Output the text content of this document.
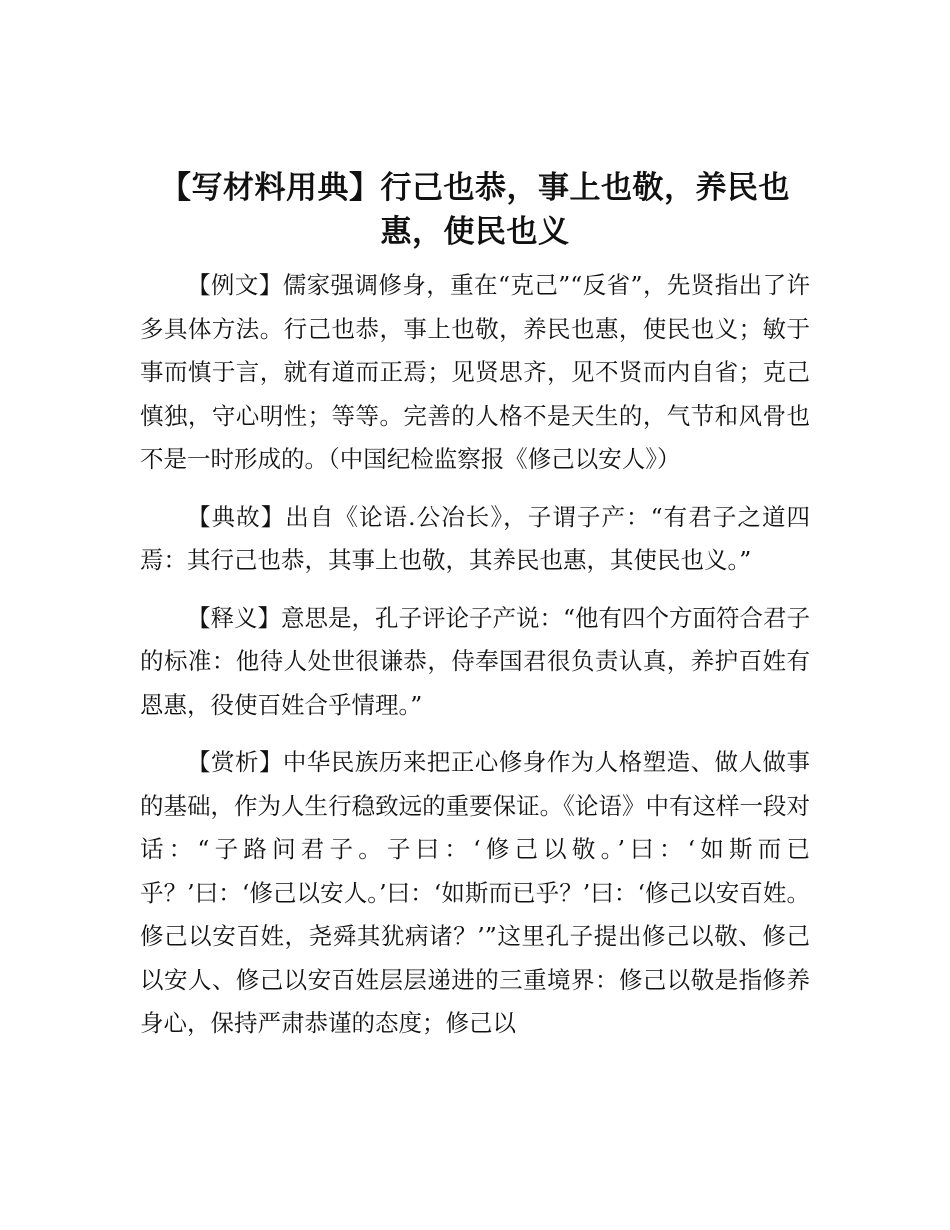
【写材料用典】行己也恭，事上也敬，养民也惠，使民也义

【例文】儒家强调修身，重在“克己”“反省”，先贤指出了许多具体方法。行己也恭，事上也敬，养民也惠，使民也义；敏于事而慎于言，就有道而正焉；见贤思齐，见不贤而内自省；克己慎独，守心明性；等等。完善的人格不是天生的，气节和风骨也不是一时形成的。（中国纪检监察报《修己以安人》）

【典故】出自《论语.公冶长》，子谓子产：“有君子之道四焉：其行己也恭，其事上也敬，其养民也惠，其使民也义。”

【释义】意思是，孔子评论子产说：“他有四个方面符合君子的标准：他待人处世很谦恭，侍奉国君很负责认真，养护百姓有恩惠，役使百姓合乎情理。”

【赏析】中华民族历来把正心修身作为人格塑造、做人做事的基础，作为人生行稳致远的重要保证。《论语》中有这样一段对话：“子路问君子。子曰：‘修己以敬。’曰：‘如斯而已乎？’曰：‘修己以安人。’曰：‘如斯而已乎？’曰：‘修己以安百姓。修己以安百姓，尧舜其犹病诸？’”这里孔子提出修己以敬、修己以安人、修己以安百姓层层递进的三重境界：修己以敬是指修养身心，保持严肃恭谨的态度；修己以
